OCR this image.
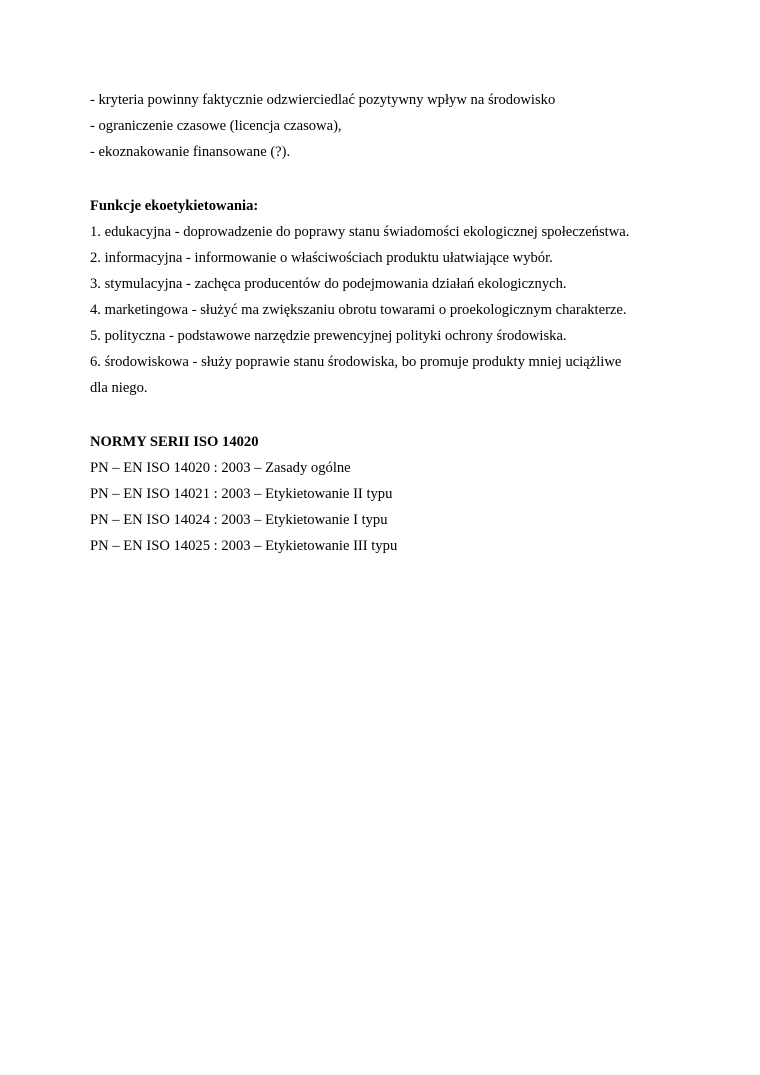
- kryteria powinny faktycznie odzwierciedlać pozytywny wpływ na środowisko
- ograniczenie czasowe (licencja czasowa),
- ekoznakowanie finansowane (?).
Funkcje ekoetykietowania:
1. edukacyjna - doprowadzenie do poprawy stanu świadomości ekologicznej społeczeństwa.
2. informacyjna - informowanie o właściwościach produktu ułatwiające wybór.
3. stymulacyjna - zachęca producentów do podejmowania działań ekologicznych.
4. marketingowa - służyć ma zwiększaniu obrotu towarami o proekologicznym charakterze.
5. polityczna - podstawowe narzędzie prewencyjnej polityki ochrony środowiska.
6. środowiskowa - służy poprawie stanu środowiska, bo promuje produkty mniej uciążliwe
dla niego.
NORMY SERII ISO 14020
PN – EN ISO 14020 : 2003 – Zasady ogólne
PN – EN ISO 14021 : 2003 – Etykietowanie II typu
PN – EN ISO 14024 : 2003 – Etykietowanie I typu
PN – EN ISO 14025 : 2003 – Etykietowanie III typu
